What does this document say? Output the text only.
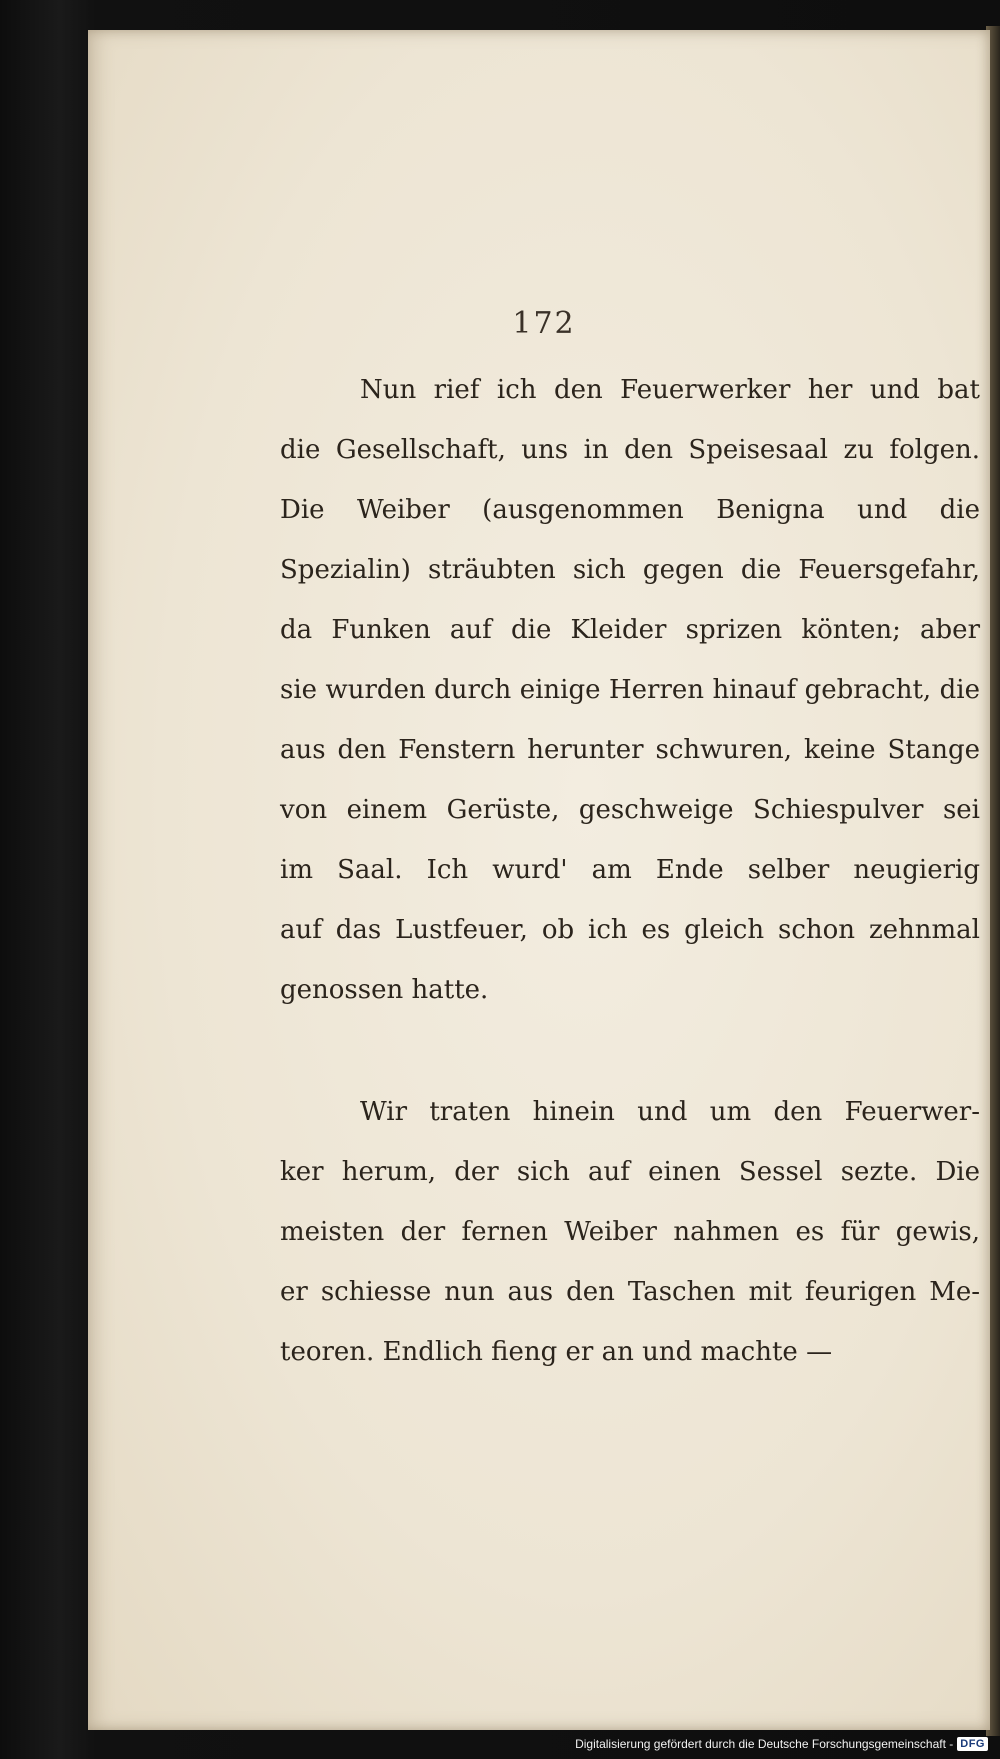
172
Nun rief ich den Feuerwerker her und bat
die Gesellschaft, uns in den Speisesaal zu folgen.
Die Weiber (ausgenommen Benigna und die
Spezialin) sträubten sich gegen die Feuersgefahr,
da Funken auf die Kleider sprizen könten; aber
sie wurden durch einige Herren hinauf gebracht, die
aus den Fenstern herunter schwuren, keine Stange
von einem Gerüste, geschweige Schiespulver sei
im Saal. Ich wurd' am Ende selber neugierig
auf das Lustfeuer, ob ich es gleich schon zehnmal
genossen hatte.
Wir traten hinein und um den Feuerwer-
ker herum, der sich auf einen Sessel sezte. Die
meisten der fernen Weiber nahmen es für gewis,
er schiesse nun aus den Taschen mit feurigen Me-
teoren. Endlich fieng er an und machte —
Digitalisierung gefördert durch die Deutsche Forschungsgemeinschaft - DFG
